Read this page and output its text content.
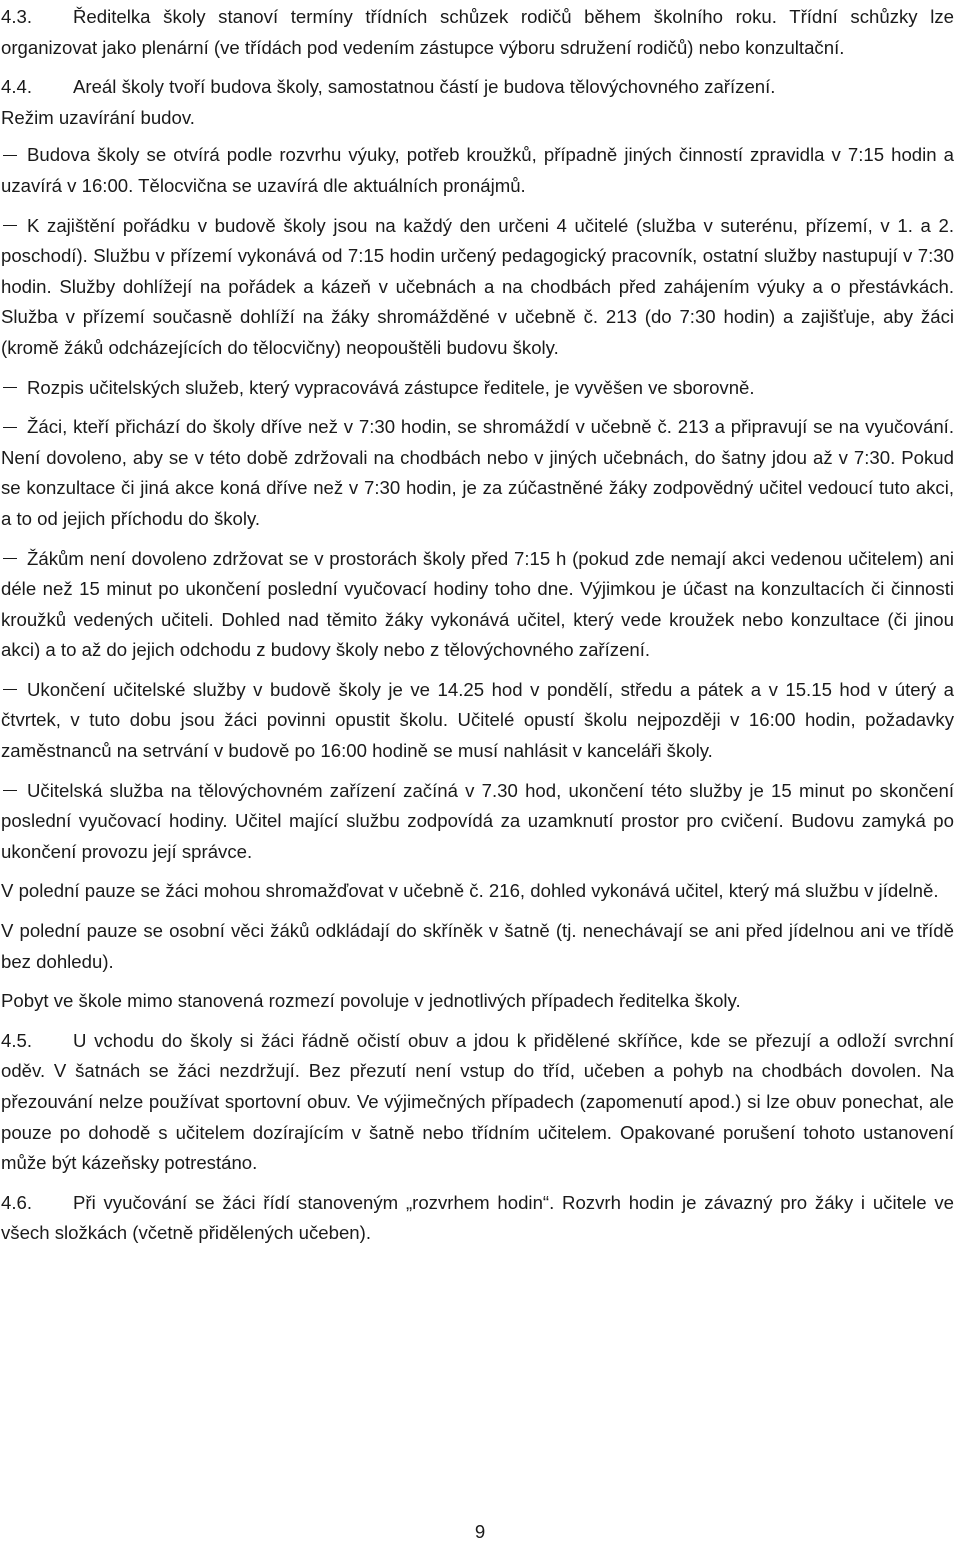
4.3. Ředitelka školy stanoví termíny třídních schůzek rodičů během školního roku. Třídní schůzky lze organizovat jako plenární (ve třídách pod vedením zástupce výboru sdružení rodičů) nebo konzultační.

4.4. Areál školy tvoří budova školy, samostatnou částí je budova tělovýchovného zařízení.
Režim uzavírání budov.

Budova školy se otvírá podle rozvrhu výuky, potřeb kroužků, případně jiných činností zpravidla v 7:15 hodin a uzavírá v 16:00. Tělocvična se uzavírá dle aktuálních pronájmů.

K zajištění pořádku v budově školy jsou na každý den určeni 4 učitelé (služba v suterénu, přízemí, v 1. a 2. poschodí). Službu v přízemí vykonává od 7:15 hodin určený pedagogický pracovník, ostatní služby nastupují v 7:30 hodin. Služby dohlížejí na pořádek a kázeň v učebnách a na chodbách před zahájením výuky a o přestávkách. Služba v přízemí současně dohlíží na žáky shromážděné v učebně č. 213 (do 7:30 hodin) a zajišťuje, aby žáci (kromě žáků odcházejících do tělocvičny) neopouštěli budovu školy.

Rozpis učitelských služeb, který vypracovává zástupce ředitele, je vyvěšen ve sborovně.

Žáci, kteří přichází do školy dříve než v 7:30 hodin, se shromáždí v učebně č. 213 a připravují se na vyučování. Není dovoleno, aby se v této době zdržovali na chodbách nebo v jiných učebnách, do šatny jdou až v 7:30. Pokud se konzultace či jiná akce koná dříve než v 7:30 hodin, je za zúčastněné žáky zodpovědný učitel vedoucí tuto akci, a to od jejich příchodu do školy.

Žákům není dovoleno zdržovat se v prostorách školy před 7:15 h (pokud zde nemají akci vedenou učitelem) ani déle než 15 minut po ukončení poslední vyučovací hodiny toho dne. Výjimkou je účast na konzultacích či činnosti kroužků vedených učiteli. Dohled nad těmito žáky vykonává učitel, který vede kroužek nebo konzultace (či jinou akci) a to až do jejich odchodu z budovy školy nebo z tělovýchovného zařízení.

Ukončení učitelské služby v budově školy je ve 14.25 hod v pondělí, středu a pátek a v 15.15 hod v úterý a čtvrtek, v tuto dobu jsou žáci povinni opustit školu. Učitelé opustí školu nejpozději v 16:00 hodin, požadavky zaměstnanců na setrvání v budově po 16:00 hodině se musí nahlásit v kanceláři školy.

Učitelská služba na tělovýchovném zařízení začíná v 7.30 hod, ukončení této služby je 15 minut po skončení poslední vyučovací hodiny. Učitel mající službu zodpovídá za uzamknutí prostor pro cvičení. Budovu zamyká po ukončení provozu její správce.

V polední pauze se žáci mohou shromažďovat v učebně č. 216, dohled vykonává učitel, který má službu v jídelně.

V polední pauze se osobní věci žáků odkládají do skříněk v šatně (tj. nenechávají se ani před jídelnou ani ve třídě bez dohledu).

Pobyt ve škole mimo stanovená rozmezí povoluje v jednotlivých případech ředitelka školy.

4.5. U vchodu do školy si žáci řádně očistí obuv a jdou k přidělené skříňce, kde se přezují a odloží svrchní oděv. V šatnách se žáci nezdržují. Bez přezutí není vstup do tříd, učeben a pohyb na chodbách dovolen. Na přezouvání nelze používat sportovní obuv. Ve výjimečných případech (zapomenutí apod.) si lze obuv ponechat, ale pouze po dohodě s učitelem dozírajícím v šatně nebo třídním učitelem. Opakované porušení tohoto ustanovení může být kázeňsky potrestáno.

4.6. Při vyučování se žáci řídí stanoveným „rozvrhem hodin“. Rozvrh hodin je závazný pro žáky i učitele ve všech složkách (včetně přidělených učeben).

9
